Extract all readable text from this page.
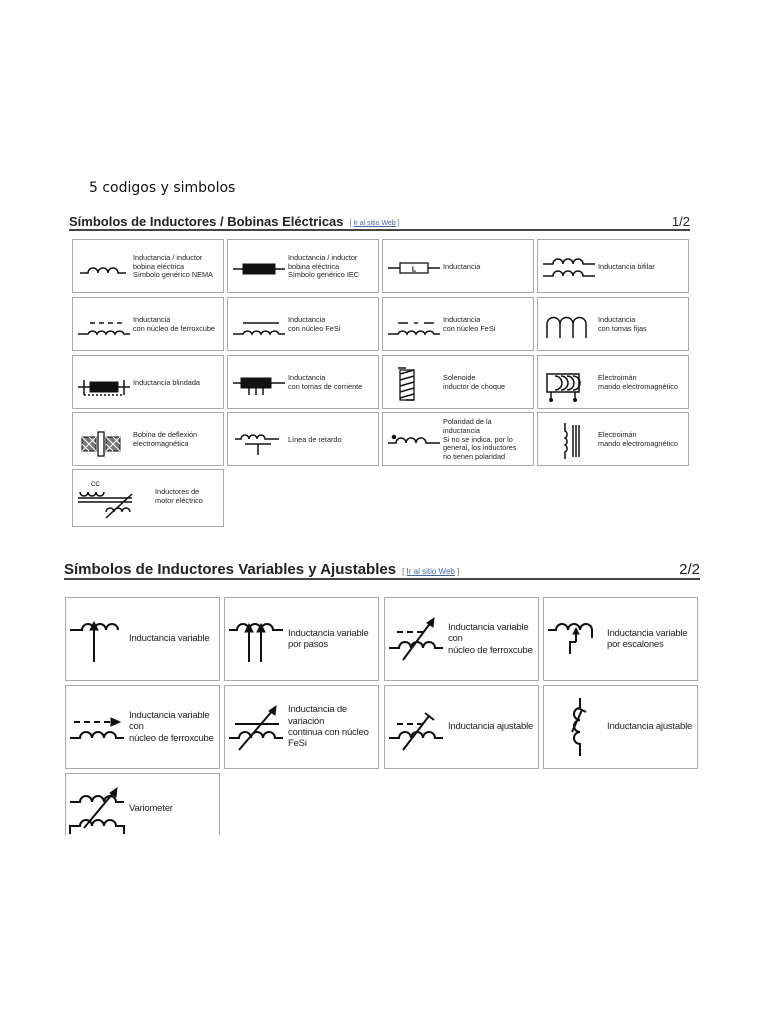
5 codigos y simbolos
Símbolos de Inductores / Bobinas Eléctricas [ Ir al sitio Web ]	1/2
Inductancia / inductor
bobina eléctrica
Símbolo genérico NEMA
Inductancia / inductor
bobina eléctrica
Símbolo genérico IEC
L	Inductancia	Inductancia bifilar
Inductancia
con núcleo de ferroxcube
Inductancia
con núcleo FeSi
Inductancia
con núcleo FeSi
Inductancia
con tomas fijas
Inductancia blindada	Inductancia
con tomas de corriente
Solenoide
inductor de choque
Electroimán
mando electromagnético
Bobina de deflexión
electromagnética	Línea de retardo
Polaridad de la
inductancia
Si no se indica, por lo
general, los inductores
no tienen polaridad
Electroimán
mando electromagnético
CC
Inductores de
motor eléctrico
Símbolos de Inductores Variables y Ajustables [ Ir al sitio Web ]	2/2
Inductancia variable
Inductancia variable
por pasos
Inductancia variable con
núcleo de ferroxcube
Inductancia variable
por escalones
Inductancia variable con
núcleo de ferroxcube
Inductancia de variación
continua con núcleo FeSi
Inductancia ajustable	Inductancia ajustable
Variometer
